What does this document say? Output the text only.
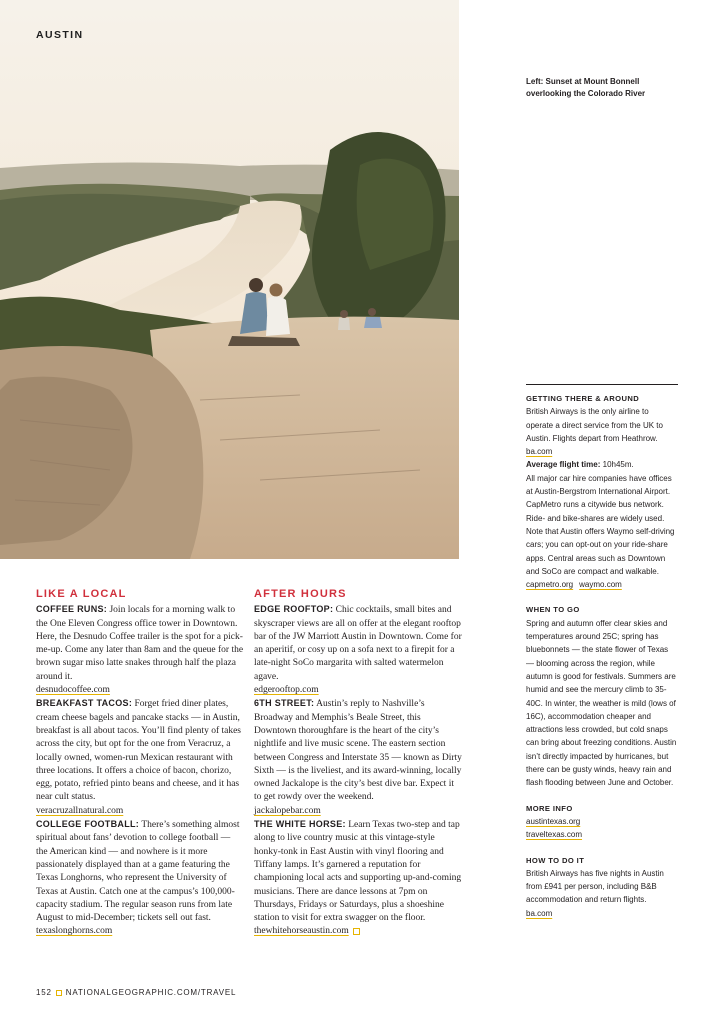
AUSTIN
Left: Sunset at Mount Bonnell overlooking the Colorado River
GETTING THERE & AROUND

British Airways is the only airline to operate a direct service from the UK to Austin. Flights depart from Heathrow.
ba.com
Average flight time: 10h45m.
All major car hire companies have offices at Austin-Bergstrom International Airport. CapMetro runs a citywide bus network. Ride- and bike-shares are widely used. Note that Austin offers Waymo self-driving cars; you can opt-out on your ride-share apps. Central areas such as Downtown and SoCo are compact and walkable.
capmetro.org waymo.com

WHEN TO GO

Spring and autumn offer clear skies and temperatures around 25C; spring has bluebonnets — the state flower of Texas — blooming across the region, while autumn is good for festivals. Summers are humid and see the mercury climb to 35-40C. In winter, the weather is mild (lows of 16C), accommodation cheaper and attractions less crowded, but cold snaps can bring about freezing conditions. Austin isn’t directly impacted by hurricanes, but there can be gusty winds, heavy rain and flash flooding between June and October.

MORE INFO
austintexas.org
traveltexas.com
HOW TO DO IT

British Airways has five nights in Austin from £941 per person, including B&B accommodation and return flights.

ba.com
LIKE A LOCAL

COFFEE RUNS: Join locals for a morning walk to the One Eleven Congress office tower in Downtown. Here, the Desnudo Coffee trailer is the spot for a pick-me-up. Come any later than 8am and the queue for the brown sugar miso latte snakes through half the plaza around it.
desnudocoffee.com

BREAKFAST TACOS: Forget fried diner plates, cream cheese bagels and pancake stacks — in Austin, breakfast is all about tacos. You’ll find plenty of takes across the city, but opt for the one from Veracruz, a locally owned, women-run Mexican restaurant with three locations. It offers a choice of bacon, chorizo, egg, potato, refried pinto beans and cheese, and it has near cult status.
veracruzallnatural.com

COLLEGE FOOTBALL: There’s something almost spiritual about fans’ devotion to college football — the American kind — and nowhere is it more passionately displayed than at a game featuring the Texas Longhorns, who represent the University of Texas at Austin. Catch one at the campus’s 100,000-capacity stadium. The regular season runs from late August to mid-December; tickets sell out fast.
texaslonghorns.com

AFTER HOURS

EDGE ROOFTOP: Chic cocktails, small bites and skyscraper views are all on offer at the elegant rooftop bar of the JW Marriott Austin in Downtown. Come for an aperitif, or cosy up on a sofa next to a firepit for a late-night SoCo margarita with salted watermelon agave.
edgerooftop.com

6TH STREET: Austin’s reply to Nashville’s Broadway and Memphis’s Beale Street, this Downtown thoroughfare is the heart of the city’s nightlife and live music scene. The eastern section between Congress and Interstate 35 — known as Dirty Sixth — is the liveliest, and its award-winning, locally owned Jackalope is the city’s best dive bar. Expect it to get rowdy over the weekend.
jackalopebar.com

THE WHITE HORSE: Learn Texas two-step and tap along to live country music at this vintage-style honky-tonk in East Austin with vinyl flooring and Tiffany lamps. It’s garnered a reputation for championing local acts and supporting up-and-coming musicians. There are dance lessons at 7pm on Thursdays, Fridays or Saturdays, plus a shoeshine station to visit for extra swagger on the floor.
thewhitehorseaustin.com

152 NATIONALGEOGRAPHIC.COM/TRAVEL
